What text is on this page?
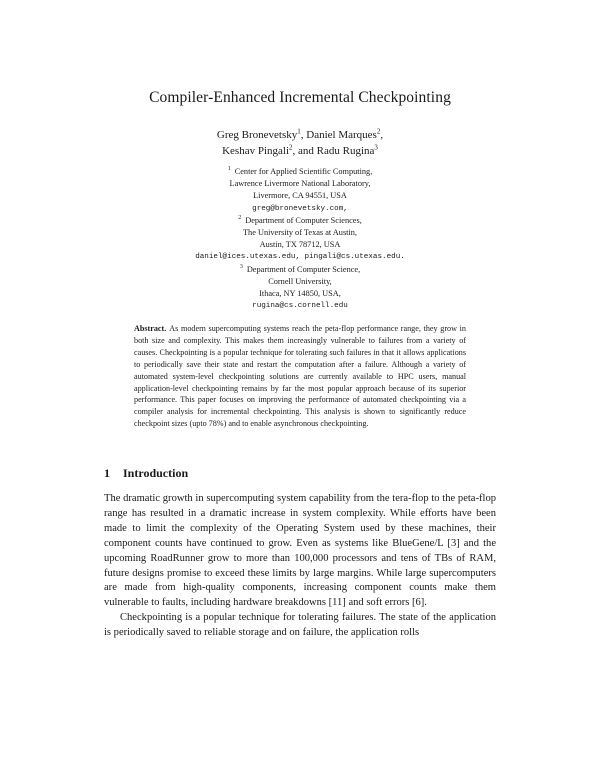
Compiler-Enhanced Incremental Checkpointing
Greg Bronevetsky$^1$, Daniel Marques$^2$,
Keshav Pingali$^2$, and Radu Rugina$^3$
$^1$ Center for Applied Scientific Computing,
Lawrence Livermore National Laboratory,
Livermore, CA 94551, USA
greg@bronevetsky.com,
$^2$ Department of Computer Sciences,
The University of Texas at Austin,
Austin, TX 78712, USA
daniel@ices.utexas.edu, pingali@cs.utexas.edu.
$^3$ Department of Computer Science,
Cornell University,
Ithaca, NY 14850, USA,
rugina@cs.cornell.edu
Abstract. As modern supercomputing systems reach the peta-flop performance range, they grow in both size and complexity. This makes them increasingly vulnerable to failures from a variety of causes. Checkpointing is a popular technique for tolerating such failures in that it allows applications to periodically save their state and restart the computation after a failure. Although a variety of automated system-level checkpointing solutions are currently available to HPC users, manual application-level checkpointing remains by far the most popular approach because of its superior performance. This paper focuses on improving the performance of automated checkpointing via a compiler analysis for incremental checkpointing. This analysis is shown to significantly reduce checkpoint sizes (upto 78%) and to enable asynchronous checkpointing.
1 Introduction

The dramatic growth in supercomputing system capability from the tera-flop to the peta-flop range has resulted in a dramatic increase in system complexity. While efforts have been made to limit the complexity of the Operating System used by these machines, their component counts have continued to grow. Even as systems like BlueGene/L [3] and the upcoming RoadRunner grow to more than 100,000 processors and tens of TBs of RAM, future designs promise to exceed these limits by large margins. While large supercomputers are made from high-quality components, increasing component counts make them vulnerable to faults, including hardware breakdowns [11] and soft errors [6].

Checkpointing is a popular technique for tolerating failures. The state of the application is periodically saved to reliable storage and on failure, the application rolls
